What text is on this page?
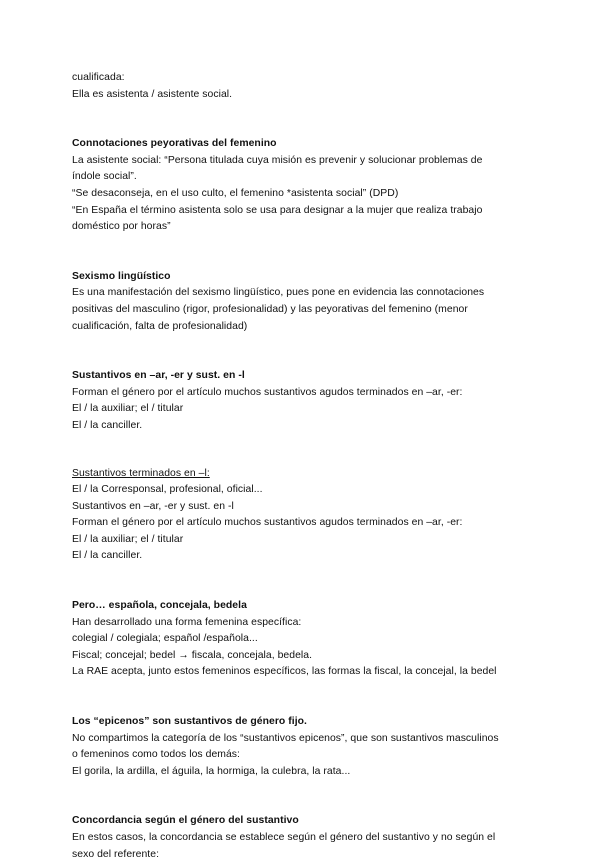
cualificada:
Ella es asistenta / asistente social.
Connotaciones peyorativas del femenino
La asistente social: “Persona titulada cuya misión es prevenir y solucionar problemas de
índole social”.
“Se desaconseja, en el uso culto, el femenino *asistenta social” (DPD)
“En España el término asistenta solo se usa para designar a la mujer que realiza trabajo
doméstico por horas”
Sexismo lingüístico
Es una manifestación del sexismo lingüístico, pues pone en evidencia las connotaciones
positivas del masculino (rigor, profesionalidad) y las peyorativas del femenino (menor
cualificación, falta de profesionalidad)
Sustantivos en –ar, -er y sust. en -l
Forman el género por el artículo muchos sustantivos agudos terminados en –ar, -er:
El / la auxiliar; el / titular
El / la canciller.
Sustantivos terminados en –l:
El / la Corresponsal, profesional, oficial...
Sustantivos en –ar, -er y sust. en -l
Forman el género por el artículo muchos sustantivos agudos terminados en –ar, -er:
El / la auxiliar; el / titular
El / la canciller.
Pero… española, concejala, bedela
Han desarrollado una forma femenina específica:
colegial / colegiala; español /española...
Fiscal; concejal; bedel → fiscala, concejala, bedela.
La RAE acepta, junto estos femeninos específicos, las formas la fiscal, la concejal, la bedel
Los “epicenos” son sustantivos de género fijo.
No compartimos la categoría de los “sustantivos epicenos”, que son sustantivos masculinos
o femeninos como todos los demás:
El gorila, la ardilla, el águila, la hormiga, la culebra, la rata...
Concordancia según el género del sustantivo
En estos casos, la concordancia se establece según el género del sustantivo y no según el
sexo del referente:
